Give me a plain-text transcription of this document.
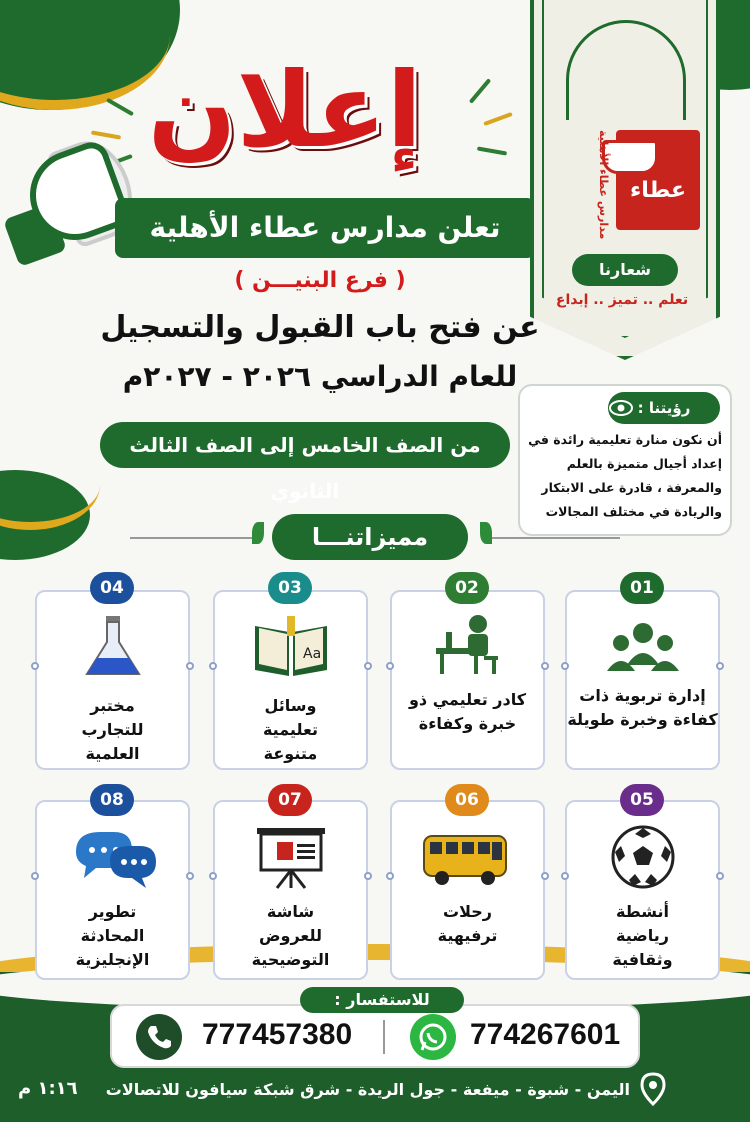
إعلان
تعلن مدارس عطاء الأهلية
( فرع البنيـــن )
عن فتح باب القبول والتسجيل
للعام الدراسي ٢٠٢٦ - ٢٠٢٧م
من الصف الخامس إلى الصف الثالث الثانوي
عطاء
مدارس عطاء الأهلية
شعارنا
تعلم .. تميز .. إبداع
رؤيتنا :
أن نكون منارة تعليمية رائدة في إعداد أجيال متميزة بالعلم والمعرفة ، قادرة على الابتكار والريادة في مختلف المجالات
مميزاتنـــا
01
02
03
04
05
06
07
08
Aa
إدارة تربوية ذات كفاءة وخبرة طويلة
كادر تعليمي ذو خبرة وكفاءة
وسائل تعليمية متنوعة
مختبر للتجارب العلمية
أنشطة رياضية وثقافية
رحلات ترفيهية
شاشة للعروض التوضيحية
تطوير المحادثة الإنجليزية
للاستفسار :
774267601
777457380
اليمن - شبوة - ميفعة - جول الريدة - شرق شبكة سيافون للاتصالات
١:١٦ م
